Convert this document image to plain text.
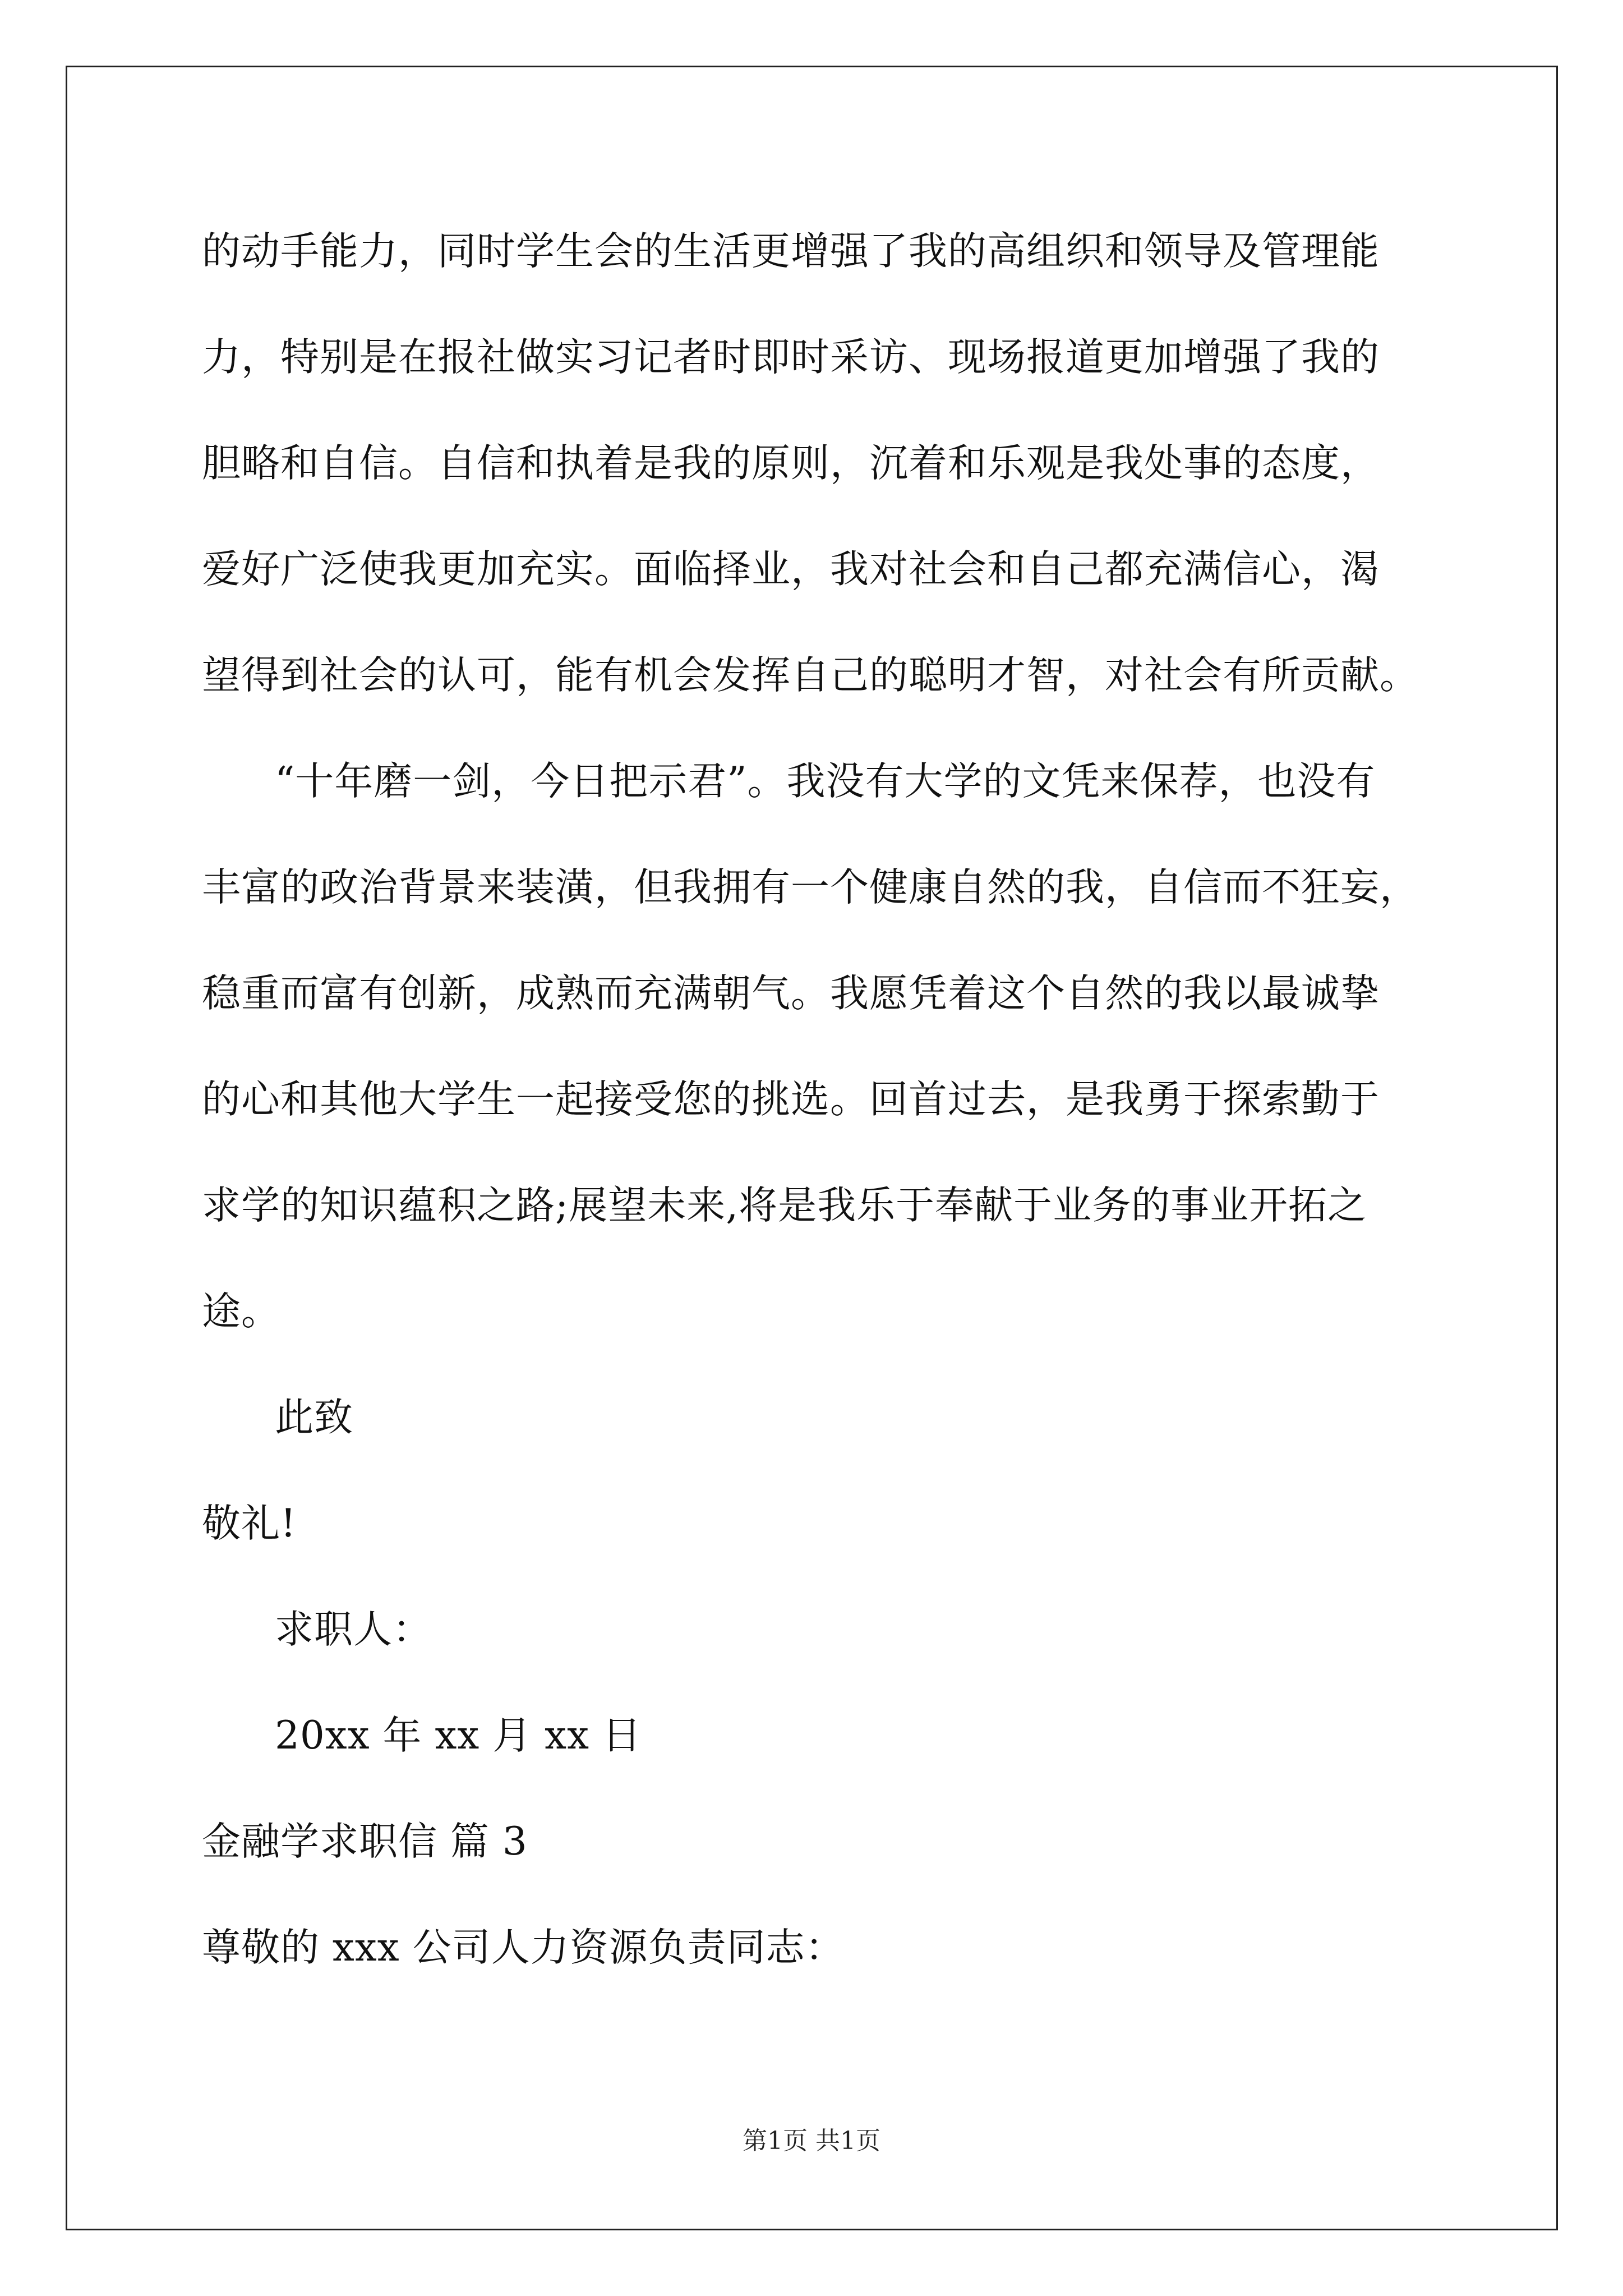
的动手能力，同时学生会的生活更增强了我的高组织和领导及管理能
力，特别是在报社做实习记者时即时采访、现场报道更加增强了我的
胆略和自信。自信和执着是我的原则，沉着和乐观是我处事的态度，
爱好广泛使我更加充实。面临择业，我对社会和自己都充满信心，渴
望得到社会的认可，能有机会发挥自己的聪明才智，对社会有所贡献。
“十年磨一剑，今日把示君”。我没有大学的文凭来保荐，也没有
丰富的政治背景来装潢，但我拥有一个健康自然的我，自信而不狂妄，
稳重而富有创新，成熟而充满朝气。我愿凭着这个自然的我以最诚挚
的心和其他大学生一起接受您的挑选。回首过去，是我勇于探索勤于
求学的知识蕴积之路;展望未来,将是我乐于奉献于业务的事业开拓之
途。
此致
敬礼!
求职人：
20xx 年 xx 月 xx 日
金融学求职信 篇 3
尊敬的 xxx 公司人力资源负责同志：
第1页 共1页
